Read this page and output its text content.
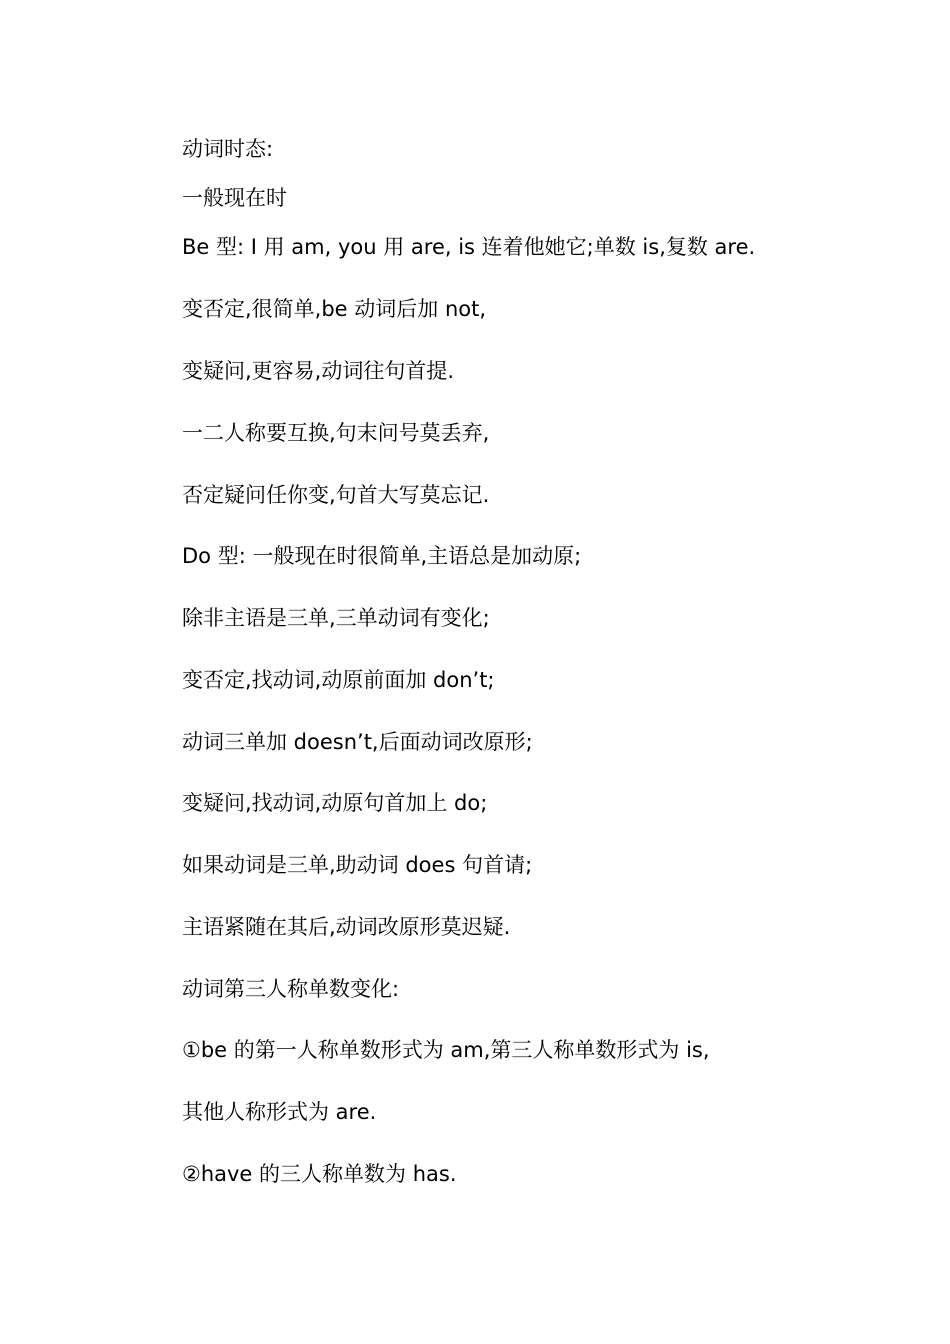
动词时态:
一般现在时
Be 型: I 用 am, you 用 are, is 连着他她它;单数 is,复数 are.
变否定,很简单,be 动词后加 not,
变疑问,更容易,动词往句首提.
一二人称要互换,句末问号莫丢弃,
否定疑问任你变,句首大写莫忘记.
Do 型: 一般现在时很简单,主语总是加动原;
除非主语是三单,三单动词有变化;
变否定,找动词,动原前面加 don’t;
动词三单加 doesn’t,后面动词改原形;
变疑问,找动词,动原句首加上 do;
如果动词是三单,助动词 does 句首请;
主语紧随在其后,动词改原形莫迟疑.
动词第三人称单数变化:
①be 的第一人称单数形式为 am,第三人称单数形式为 is,
其他人称形式为 are.
②have 的三人称单数为 has.
